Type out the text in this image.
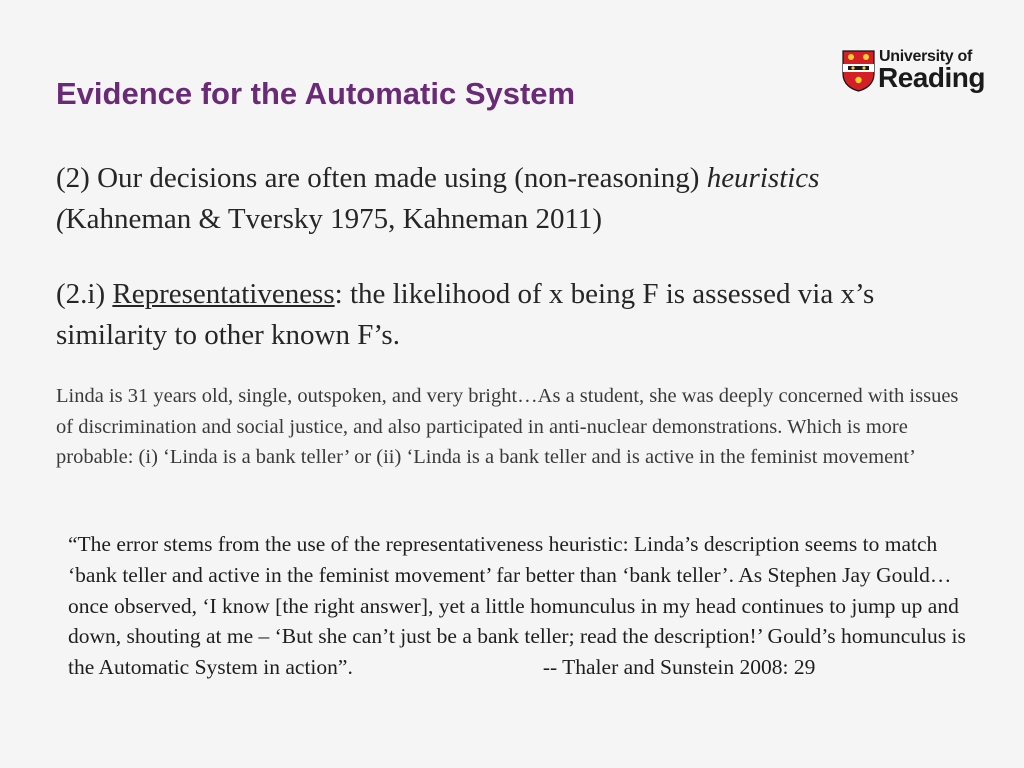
Evidence for the Automatic System
University of
Reading
(2) Our decisions are often made using (non-reasoning) heuristics
(Kahneman & Tversky 1975, Kahneman 2011)
(2.i) Representativeness: the likelihood of x being F is assessed via x’s similarity to other known F’s.
Linda is 31 years old, single, outspoken, and very bright…As a student, she was deeply concerned with issues of discrimination and social justice, and also participated in anti-nuclear demonstrations. Which is more probable: (i) ‘Linda is a bank teller’ or (ii) ‘Linda is a bank teller and is active in the feminist movement’
“The error stems from the use of the representativeness heuristic: Linda’s description seems to match ‘bank teller and active in the feminist movement’ far better than ‘bank teller’. As Stephen Jay Gould…once observed, ‘I know [the right answer], yet a little homunculus in my head continues to jump up and down, shouting at me – ‘But she can’t just be a bank teller; read the description!’ Gould’s homunculus is the Automatic System in action”.	-- Thaler and Sunstein 2008: 29
